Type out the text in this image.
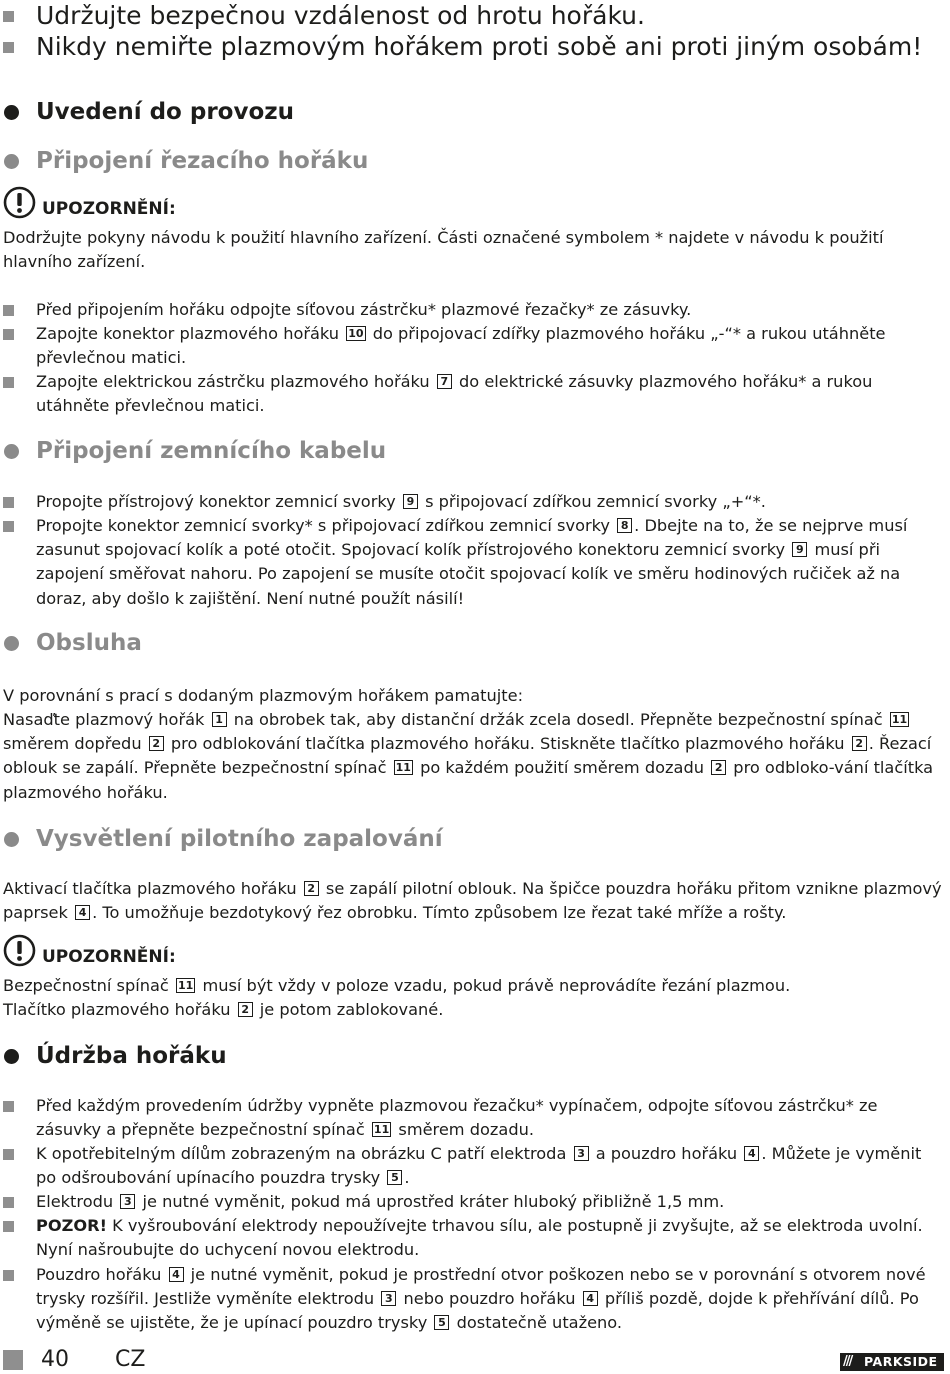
Udržujte bezpečnou vzdálenost od hrotu hořáku.
Nikdy nemiřte plazmovým hořákem proti sobě ani proti jiným osobám!
Uvedení do provozu
Připojení řezacího hořáku
UPOZORNĚNÍ:
Dodržujte pokyny návodu k použití hlavního zařízení. Části označené symbolem * najdete v návodu k použití hlavního zařízení.
Před připojením hořáku odpojte síťovou zástrčku* plazmové řezačky* ze zásuvky.
Zapojte konektor plazmového hořáku 10 do připojovací zdířky plazmového hořáku „-“* a rukou utáhněte převlečnou matici.
Zapojte elektrickou zástrčku plazmového hořáku 7 do elektrické zásuvky plazmového hořáku* a rukou utáhněte převlečnou matici.
Připojení zemnícího kabelu
Propojte přístrojový konektor zemnicí svorky 9 s připojovací zdířkou zemnicí svorky „+“*.
Propojte konektor zemnicí svorky* s připojovací zdířkou zemnicí svorky 8 . Dbejte na to, že se nejprve musí zasunut spojovací kolík a poté otočit. Spojovací kolík přístrojového konektoru zemnicí svorky 9 musí při zapojení směřovat nahoru. Po zapojení se musíte otočit spojovací kolík ve směru hodinových ručiček až na doraz, aby došlo k zajištění. Není nutné použít násilí!
Obsluha
V porovnání s prací s dodaným plazmovým hořákem pamatujte:
Nasaďte plazmový hořák 1 na obrobek tak, aby distanční držák zcela dosedl. Přepněte bezpečnostní spínač 11 směrem dopředu 2 pro odblokování tlačítka plazmového hořáku. Stiskněte tlačítko plazmového hořáku 2 . Řezací oblouk se zapálí. Přepněte bezpečnostní spínač 11 po každém použití směrem dozadu 2 pro odbloko-vání tlačítka plazmového hořáku.
Vysvětlení pilotního zapalování
Aktivací tlačítka plazmového hořáku 2 se zapálí pilotní oblouk. Na špičce pouzdra hořáku přitom vznikne plazmový paprsek 4 . To umožňuje bezdotykový řez obrobku. Tímto způsobem lze řezat také mříže a rošty.
UPOZORNĚNÍ:
Bezpečnostní spínač 11 musí být vždy v poloze vzadu, pokud právě neprovádíte řezání plazmou.
Tlačítko plazmového hořáku 2 je potom zablokované.
Údržba hořáku
Před každým provedením údržby vypněte plazmovou řezačku* vypínačem, odpojte síťovou zástrčku* ze zásuvky a přepněte bezpečnostní spínač 11 směrem dozadu.
K opotřebitelným dílům zobrazeným na obrázku C patří elektroda 3 a pouzdro hořáku 4 . Můžete je vyměnit po odšroubování upínacího pouzdra trysky 5 .
Elektrodu 3 je nutné vyměnit, pokud má uprostřed kráter hluboký přibližně 1,5 mm.
POZOR! K vyšroubování elektrody nepoužívejte trhavou sílu, ale postupně ji zvyšujte, až se elektroda uvolní. Nyní našroubujte do uchycení novou elektrodu.
Pouzdro hořáku 4 je nutné vyměnit, pokud je prostřední otvor poškozen nebo se v porovnání s otvorem nové trysky rozšířil. Jestliže vyměníte elektrodu 3 nebo pouzdro hořáku 4 příliš pozdě, dojde k přehřívání dílů. Po výměně se ujistěte, že je upínací pouzdro trysky 5 dostatečně utaženo.
40 CZ	/// PARKSIDE
